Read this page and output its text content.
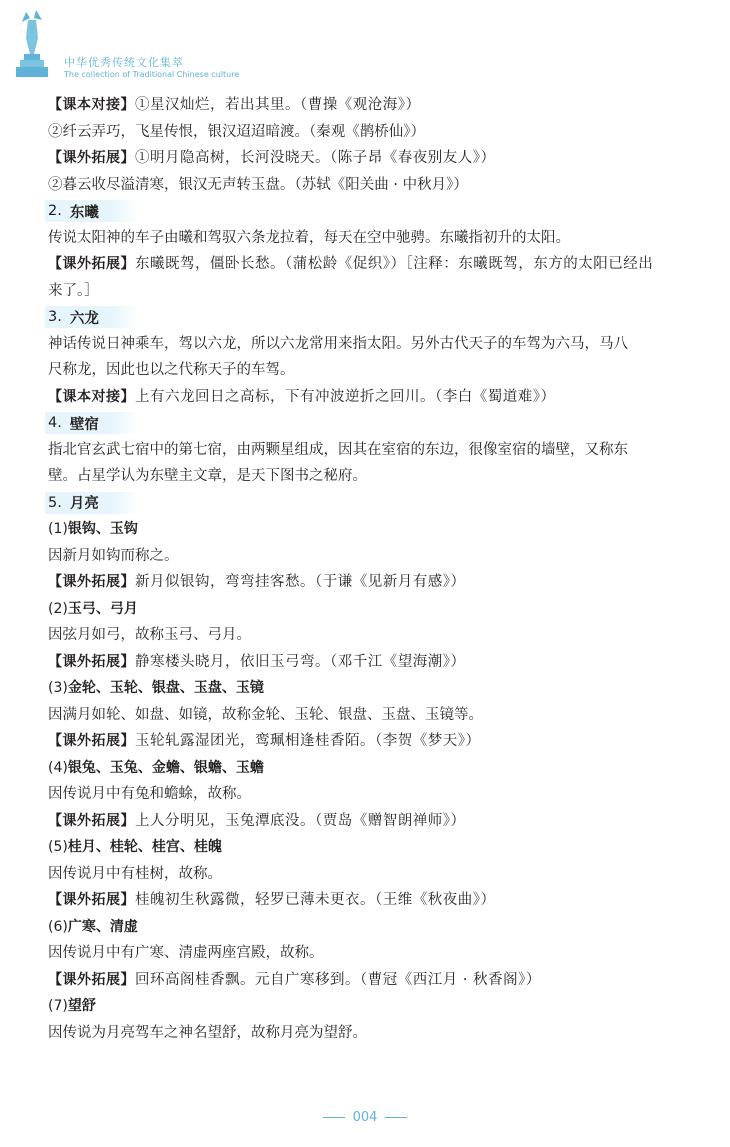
中华优秀传统文化集萃
The collection of Traditional Chinese culture
【课本对接】①星汉灿烂，若出其里。（曹操《观沧海》）
②纤云弄巧，飞星传恨，银汉迢迢暗渡。（秦观《鹊桥仙》）
【课外拓展】①明月隐高树，长河没晓天。（陈子昂《春夜别友人》）
②暮云收尽溢清寒，银汉无声转玉盘。（苏轼《阳关曲 · 中秋月》）
2. 东曦
传说太阳神的车子由曦和驾驭六条龙拉着，每天在空中驰骋。东曦指初升的太阳。
【课外拓展】东曦既驾，僵卧长愁。（蒲松龄《促织》）［注释：东曦既驾，东方的太阳已经出
来了。］
3. 六龙
神话传说日神乘车，驾以六龙，所以六龙常用来指太阳。另外古代天子的车驾为六马，马八
尺称龙，因此也以之代称天子的车驾。
【课本对接】上有六龙回日之高标，下有冲波逆折之回川。（李白《蜀道难》）
4. 壁宿
指北官玄武七宿中的第七宿，由两颗星组成，因其在室宿的东边，很像室宿的墙壁，又称东
壁。占星学认为东壁主文章，是天下图书之秘府。
5. 月亮
(1)银钩、玉钩
因新月如钩而称之。
【课外拓展】新月似银钩，弯弯挂客愁。（于谦《见新月有感》）
(2)玉弓、弓月
因弦月如弓，故称玉弓、弓月。
【课外拓展】静寒楼头晓月，依旧玉弓弯。（邓千江《望海潮》）
(3)金轮、玉轮、银盘、玉盘、玉镜
因满月如轮、如盘、如镜，故称金轮、玉轮、银盘、玉盘、玉镜等。
【课外拓展】玉轮轧露湿团光，鸾珮相逢桂香陌。（李贺《梦天》）
(4)银兔、玉兔、金蟾、银蟾、玉蟾
因传说月中有兔和蟾蜍，故称。
【课外拓展】上人分明见，玉兔潭底没。（贾岛《赠智朗禅师》）
(5)桂月、桂轮、桂宫、桂魄
因传说月中有桂树，故称。
【课外拓展】桂魄初生秋露微，轻罗已薄未更衣。（王维《秋夜曲》）
(6)广寒、清虚
因传说月中有广寒、清虚两座宫殿，故称。
【课外拓展】回环高阁桂香飘。元自广寒移到。（曹冠《西江月 · 秋香阁》）
(7)望舒
因传说为月亮驾车之神名望舒，故称月亮为望舒。
004
